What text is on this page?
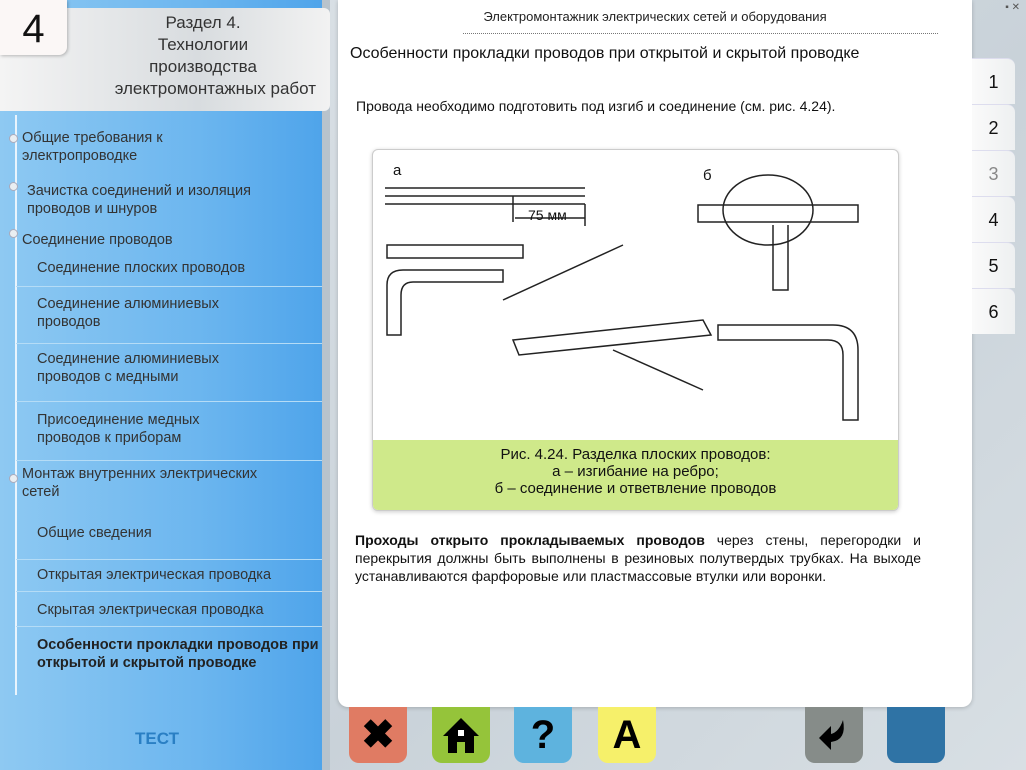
4	Раздел 4.
Технологии
производства
электромонтажных работ
Общие требования к электропроводке
Зачистка соединений и изоляция проводов и шнуров
Соединение проводов
Соединение плоских проводов
Соединение алюминиевых проводов
Соединение алюминиевых проводов с медными
Присоединение медных проводов к приборам
Монтаж внутренних электрических сетей
Общие сведения
Открытая электрическая проводка
Скрытая электрическая проводка
Особенности прокладки проводов при открытой и скрытой проводке
ТЕСТ
Электромонтажник электрических сетей и оборудования
Особенности прокладки проводов при открытой и скрытой проводке
Провода необходимо подготовить под изгиб и соединение (см. рис. 4.24).
а	б
75 мм
Рис. 4.24. Разделка плоских проводов:
а – изгибание на ребро;
б – соединение и ответвление проводов
Проходы открыто прокладываемых проводов через стены, перегородки и перекрытия должны быть выполнены в резиновых полутвердых трубках. На выходе устанавливаются фарфоровые или пластмассовые втулки или воронки.
▪ ✕
1
2
3
4
5
6
✖	? A
